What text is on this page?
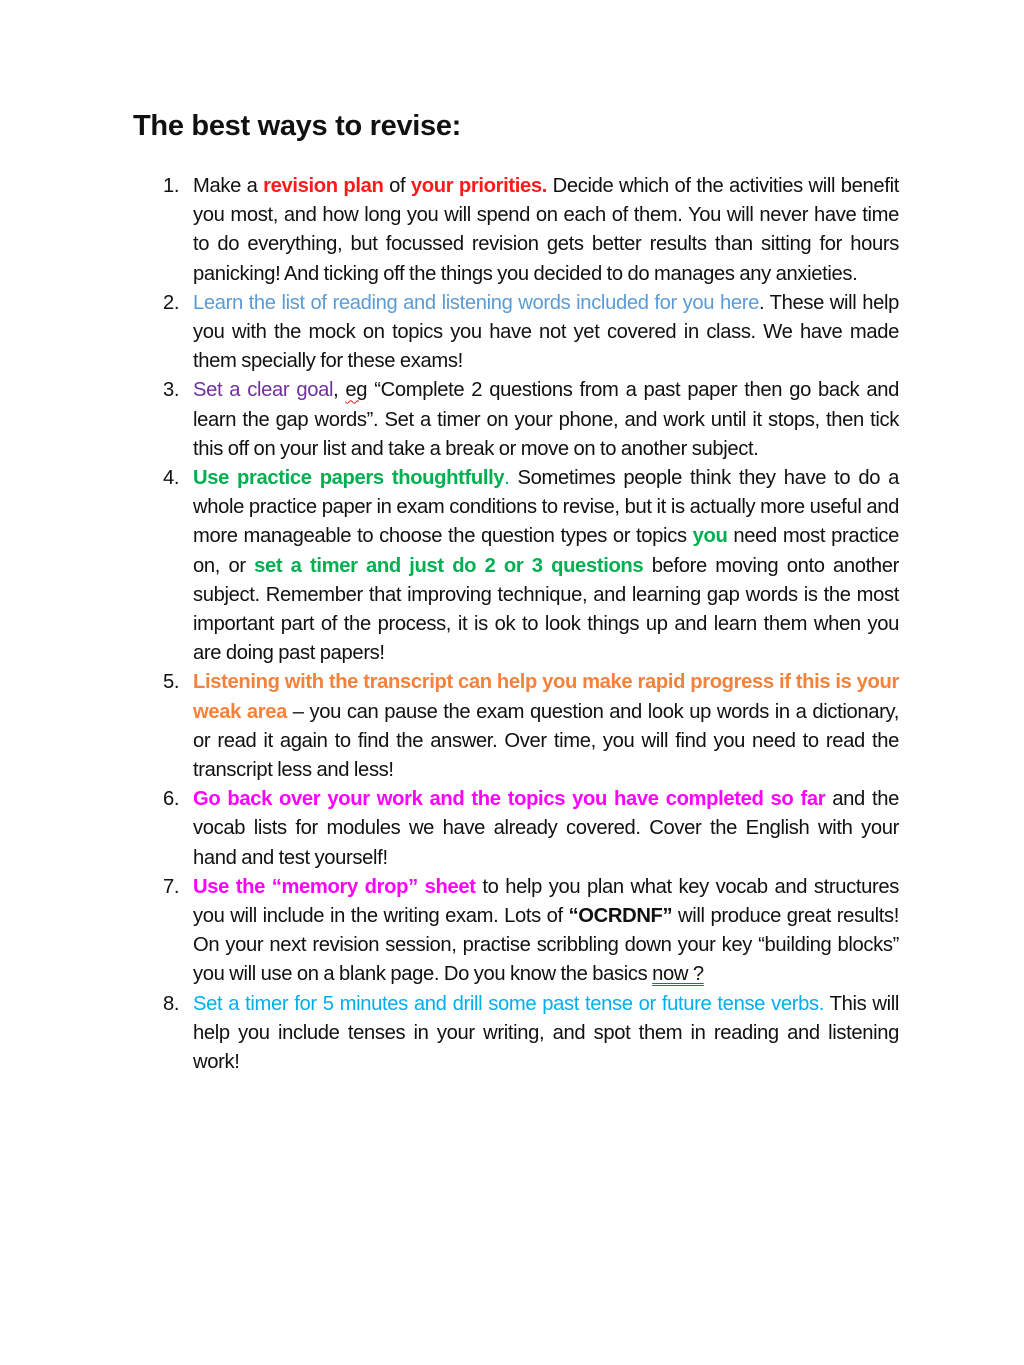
The best ways to revise:
1. Make a revision plan of your priorities. Decide which of the activities will benefit you most, and how long you will spend on each of them. You will never have time to do everything, but focussed revision gets better results than sitting for hours panicking! And ticking off the things you decided to do manages any anxieties.
2. Learn the list of reading and listening words included for you here. These will help you with the mock on topics you have not yet covered in class. We have made them specially for these exams!
3. Set a clear goal, eg “Complete 2 questions from a past paper then go back and learn the gap words”. Set a timer on your phone, and work until it stops, then tick this off on your list and take a break or move on to another subject.
4. Use practice papers thoughtfully. Sometimes people think they have to do a whole practice paper in exam conditions to revise, but it is actually more useful and more manageable to choose the question types or topics you need most practice on, or set a timer and just do 2 or 3 questions before moving onto another subject. Remember that improving technique, and learning gap words is the most important part of the process, it is ok to look things up and learn them when you are doing past papers!
5. Listening with the transcript can help you make rapid progress if this is your weak area – you can pause the exam question and look up words in a dictionary, or read it again to find the answer. Over time, you will find you need to read the transcript less and less!
6. Go back over your work and the topics you have completed so far and the vocab lists for modules we have already covered. Cover the English with your hand and test yourself!
7. Use the “memory drop” sheet to help you plan what key vocab and structures you will include in the writing exam. Lots of “OCRDNF” will produce great results! On your next revision session, practise scribbling down your key “building blocks” you will use on a blank page. Do you know the basics now ?
8. Set a timer for 5 minutes and drill some past tense or future tense verbs. This will help you include tenses in your writing, and spot them in reading and listening work!
